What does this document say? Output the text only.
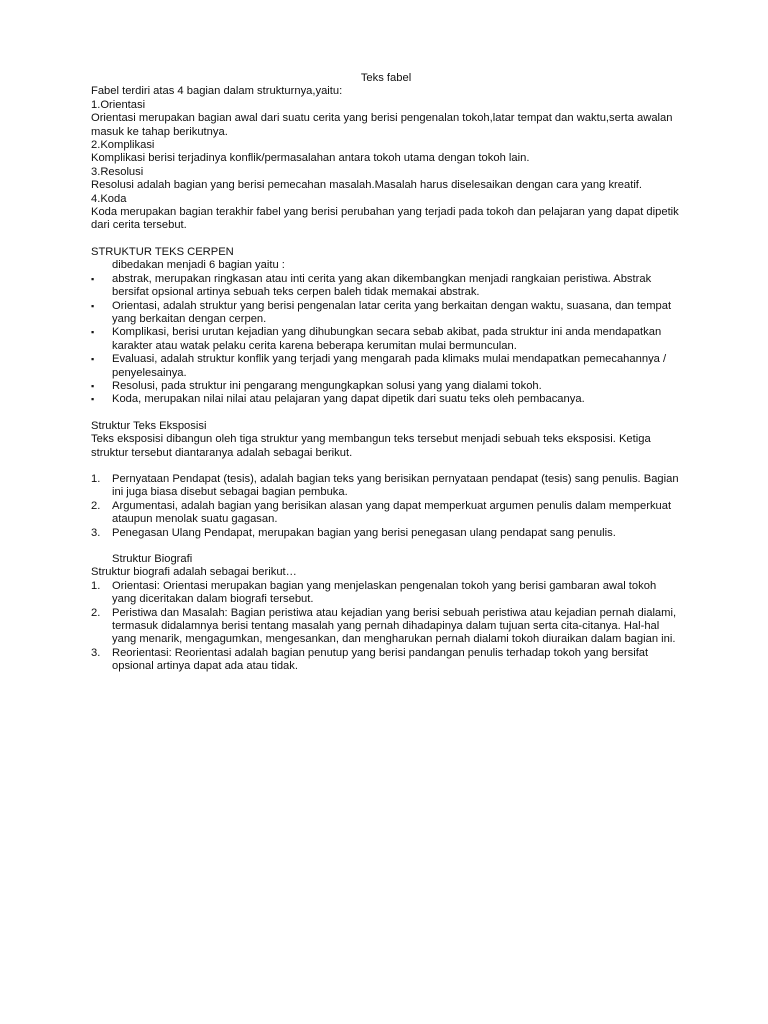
Teks fabel
Fabel terdiri atas 4 bagian dalam strukturnya,yaitu:
1.Orientasi
Orientasi merupakan bagian awal dari suatu cerita yang berisi pengenalan tokoh,latar tempat dan waktu,serta awalan masuk ke tahap berikutnya.
2.Komplikasi
Komplikasi berisi terjadinya konflik/permasalahan antara tokoh utama dengan tokoh lain.
3.Resolusi
Resolusi adalah bagian yang berisi pemecahan masalah.Masalah harus diselesaikan dengan cara yang kreatif.
4.Koda
Koda merupakan bagian terakhir fabel yang berisi perubahan yang terjadi pada tokoh dan pelajaran yang dapat dipetik dari cerita tersebut.
STRUKTUR TEKS CERPEN
dibedakan menjadi 6 bagian yaitu :
▪ abstrak, merupakan ringkasan atau inti cerita yang akan dikembangkan menjadi rangkaian peristiwa. Abstrak bersifat opsional artinya sebuah teks cerpen baleh tidak memakai abstrak.
▪ Orientasi, adalah struktur yang berisi pengenalan latar cerita yang berkaitan dengan waktu, suasana, dan tempat yang berkaitan dengan cerpen.
▪ Komplikasi, berisi urutan kejadian yang dihubungkan secara sebab akibat, pada struktur ini anda mendapatkan karakter atau watak pelaku cerita karena beberapa kerumitan mulai bermunculan.
▪ Evaluasi, adalah struktur konflik yang terjadi yang mengarah pada klimaks mulai mendapatkan pemecahannya / penyelesainya.
▪ Resolusi, pada struktur ini pengarang mengungkapkan solusi yang yang dialami tokoh.
▪ Koda, merupakan nilai nilai atau pelajaran yang dapat dipetik dari suatu teks oleh pembacanya.
Struktur Teks Eksposisi
Teks eksposisi dibangun oleh tiga struktur yang membangun teks tersebut menjadi sebuah teks eksposisi. Ketiga struktur tersebut diantaranya adalah sebagai berikut.
1. Pernyataan Pendapat (tesis), adalah bagian teks yang berisikan pernyataan pendapat (tesis) sang penulis. Bagian ini juga biasa disebut sebagai bagian pembuka.
2. Argumentasi, adalah bagian yang berisikan alasan yang dapat memperkuat argumen penulis dalam memperkuat ataupun menolak suatu gagasan.
3. Penegasan Ulang Pendapat, merupakan bagian yang berisi penegasan ulang pendapat sang penulis.
Struktur Biografi
Struktur biografi adalah sebagai berikut…
1. Orientasi: Orientasi merupakan bagian yang menjelaskan pengenalan tokoh yang berisi gambaran awal tokoh yang diceritakan dalam biografi tersebut.
2. Peristiwa dan Masalah: Bagian peristiwa atau kejadian yang berisi sebuah peristiwa atau kejadian pernah dialami, termasuk didalamnya berisi tentang masalah yang pernah dihadapinya dalam tujuan serta cita-citanya. Hal-hal yang menarik, mengagumkan, mengesankan, dan mengharukan pernah dialami tokoh diuraikan dalam bagian ini.
3. Reorientasi: Reorientasi adalah bagian penutup yang berisi pandangan penulis terhadap tokoh yang bersifat opsional artinya dapat ada atau tidak.
